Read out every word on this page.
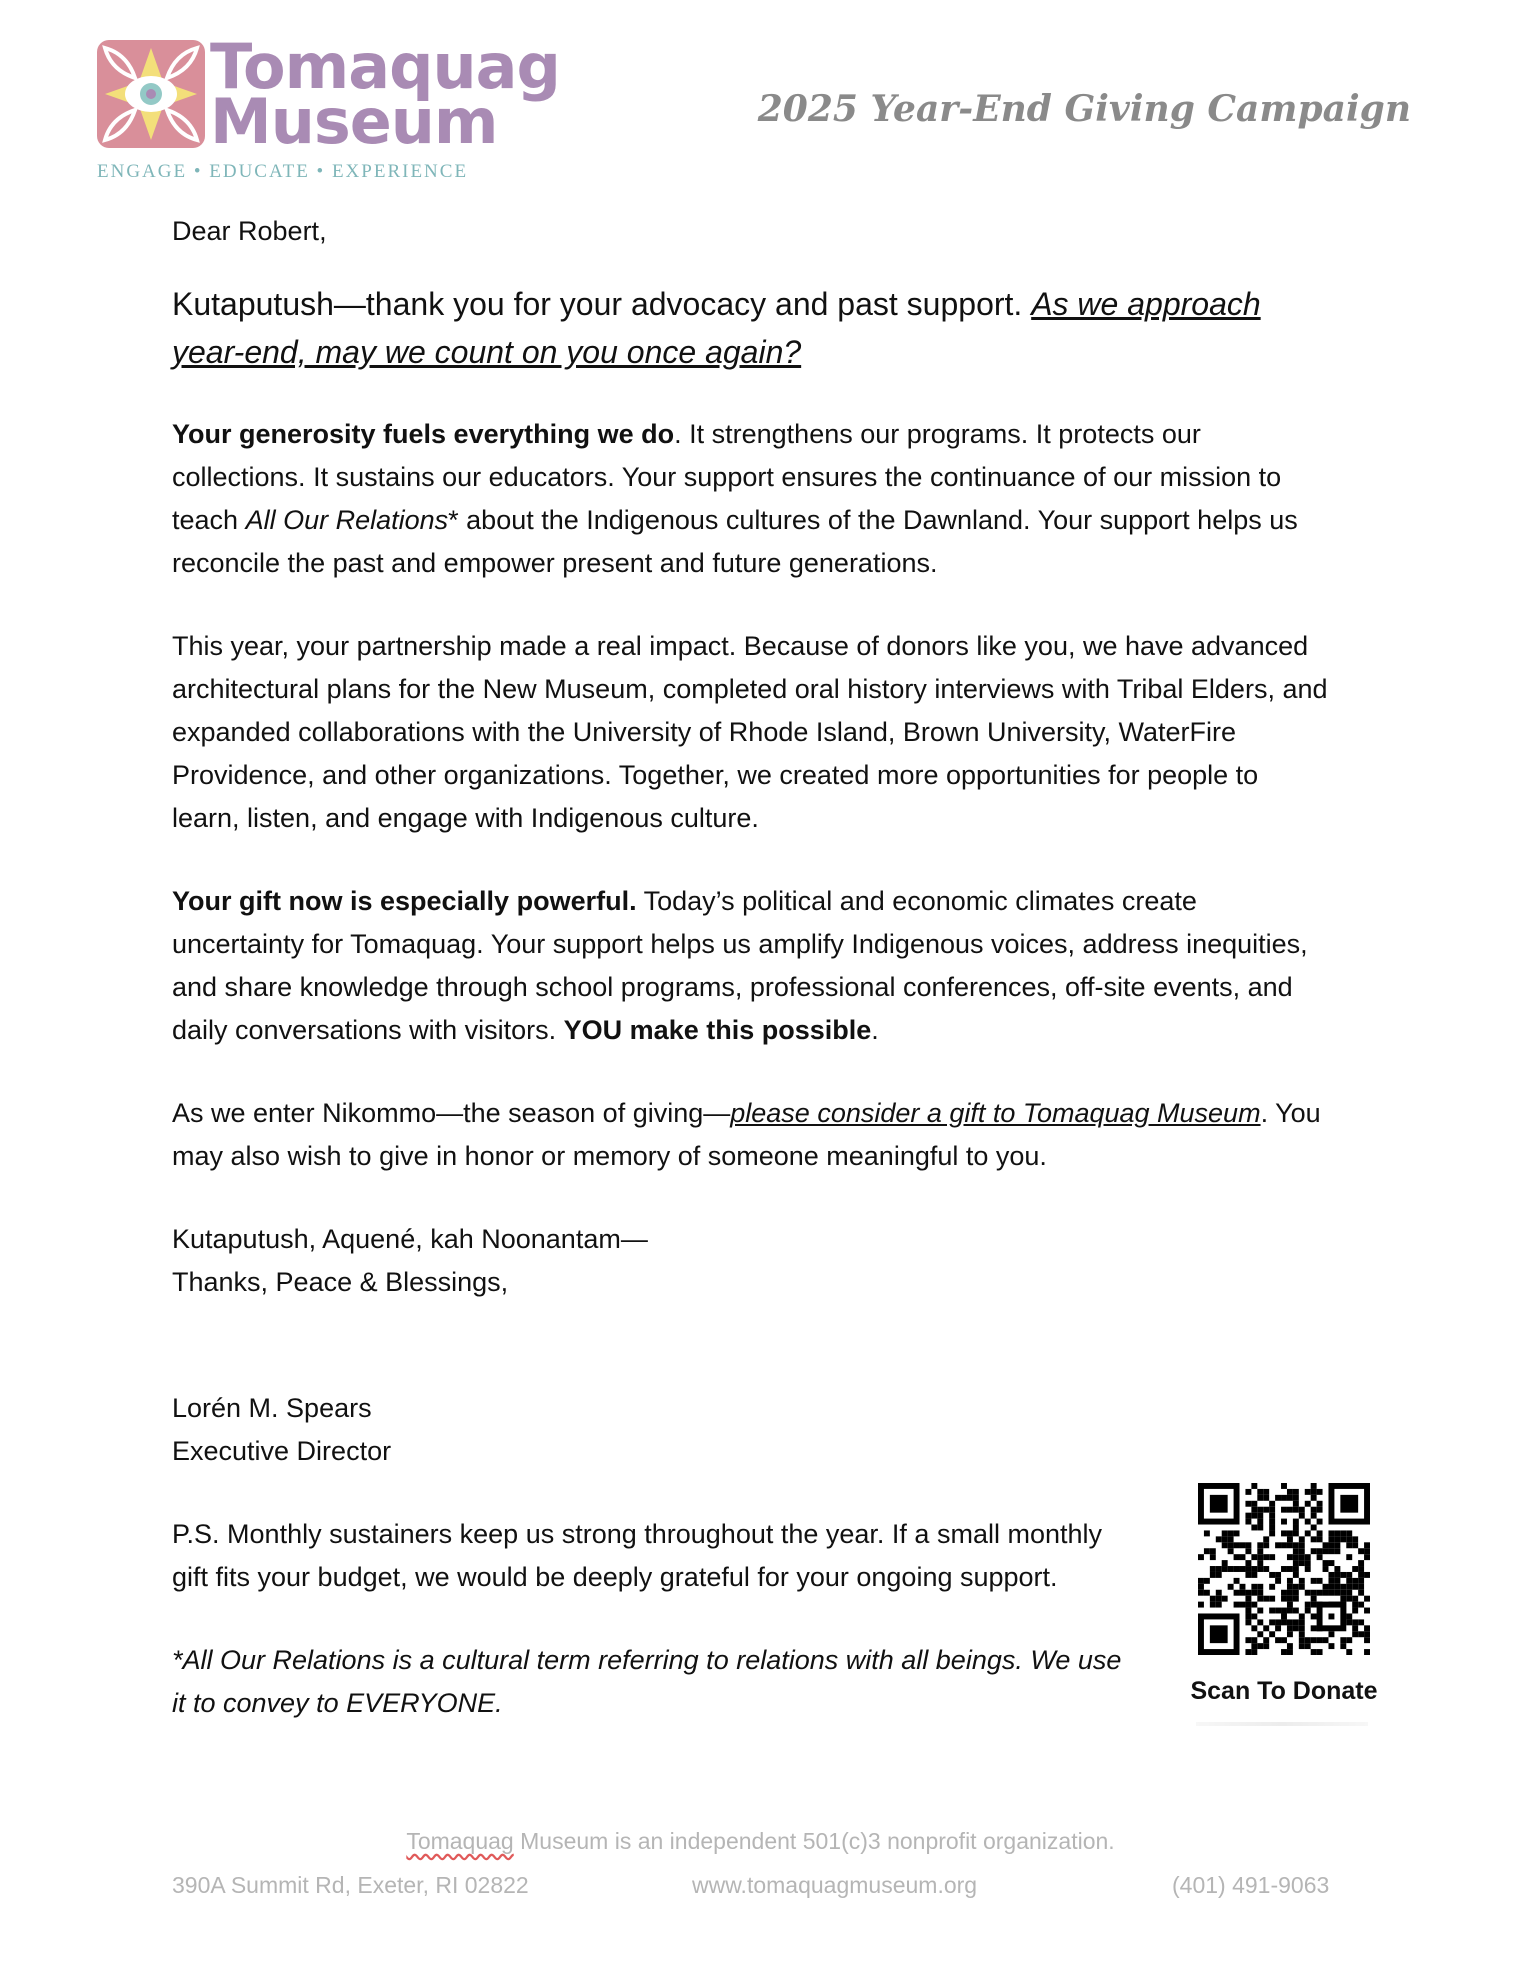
Tomaquag
Museum
ENGAGE • EDUCATE • EXPERIENCE
2025 Year-End Giving Campaign

Dear Robert,

Kutaputush—thank you for your advocacy and past support. As we approach year-end, may we count on you once again?

Your generosity fuels everything we do. It strengthens our programs. It protects our collections. It sustains our educators. Your support ensures the continuance of our mission to teach All Our Relations* about the Indigenous cultures of the Dawnland. Your support helps us reconcile the past and empower present and future generations.

This year, your partnership made a real impact. Because of donors like you, we have advanced architectural plans for the New Museum, completed oral history interviews with Tribal Elders, and expanded collaborations with the University of Rhode Island, Brown University, WaterFire Providence, and other organizations. Together, we created more opportunities for people to learn, listen, and engage with Indigenous culture.

Your gift now is especially powerful. Today’s political and economic climates create uncertainty for Tomaquag. Your support helps us amplify Indigenous voices, address inequities, and share knowledge through school programs, professional conferences, off-site events, and daily conversations with visitors. YOU make this possible.

As we enter Nikommo—the season of giving—please consider a gift to Tomaquag Museum. You may also wish to give in honor or memory of someone meaningful to you.

Kutaputush, Aquené, kah Noonantam—

Thanks, Peace & Blessings,

Lorén M. Spears

Executive Director

P.S. Monthly sustainers keep us strong throughout the year. If a small monthly gift fits your budget, we would be deeply grateful for your ongoing support.

*All Our Relations is a cultural term referring to relations with all beings. We use it to convey to EVERYONE.	Scan To Donate
Tomaquag Museum is an independent 501(c)3 nonprofit organization.
390A Summit Rd, Exeter, RI 02822	www.tomaquagmuseum.org	(401) 491-9063
